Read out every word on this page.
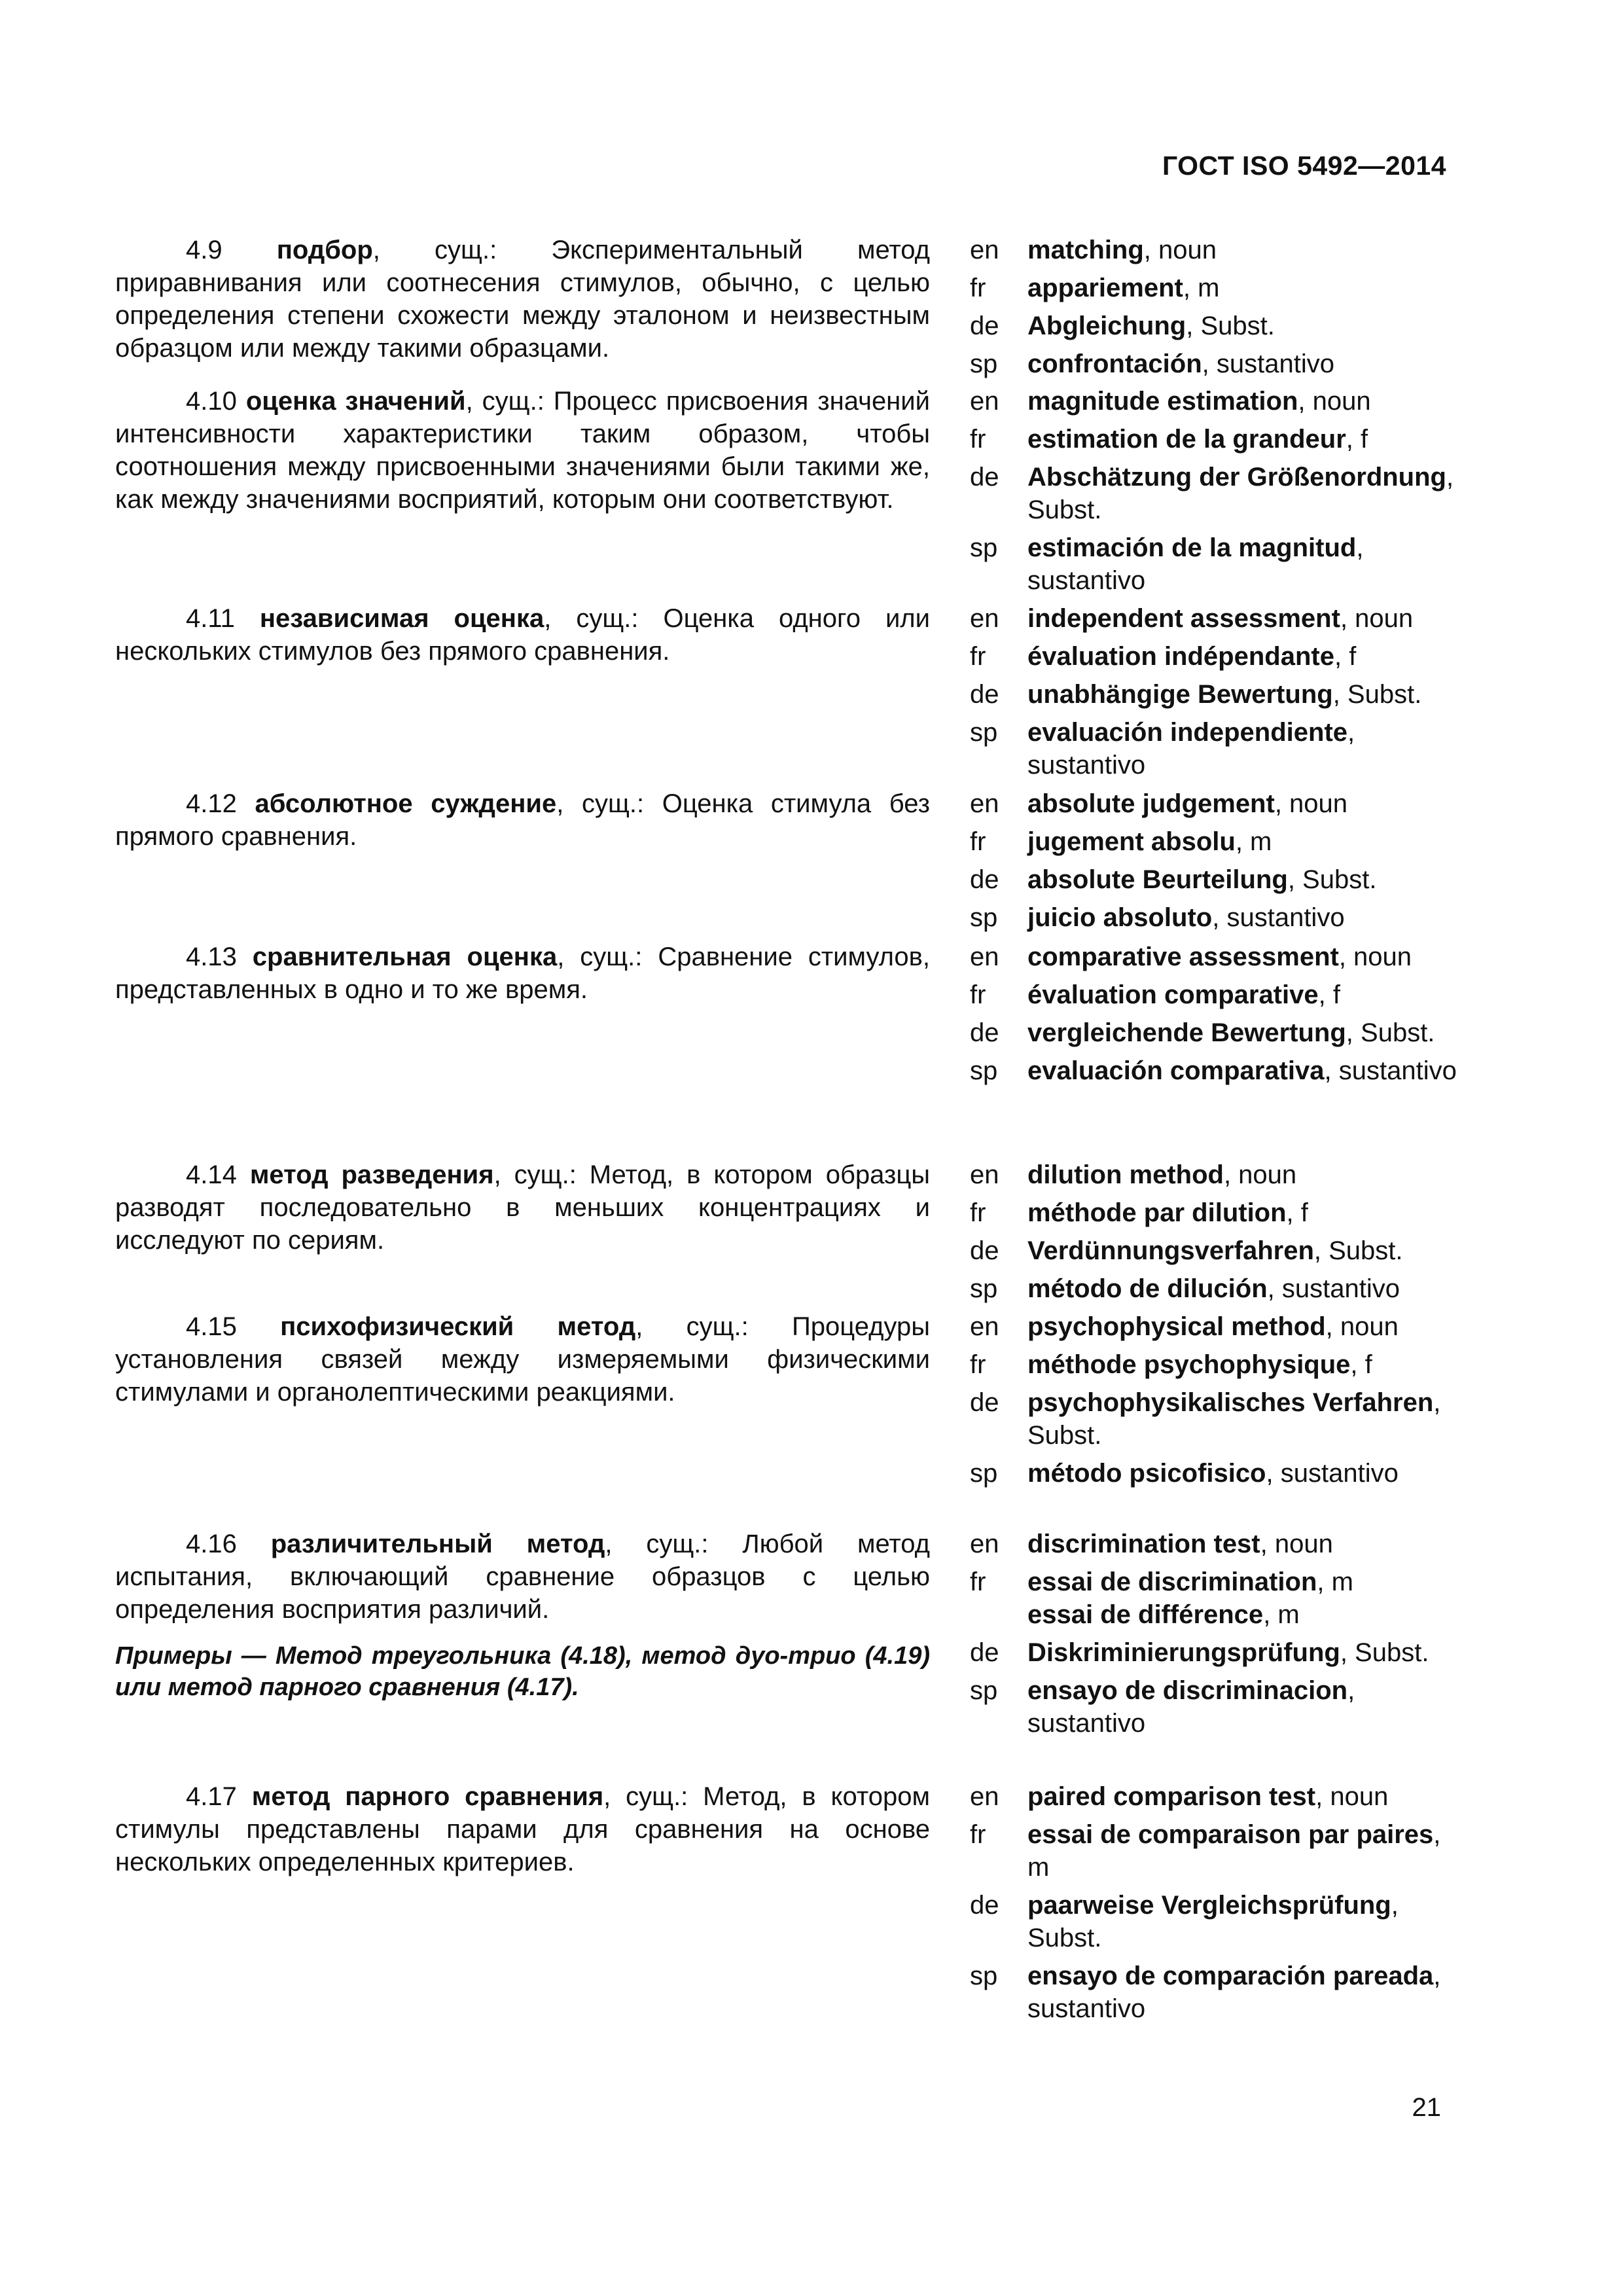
ГОСТ ISO 5492—2014
4.9 подбор, сущ.: Экспериментальный метод приравнивания или соотнесения стимулов, обычно, с целью определения степени схожести между эталоном и неизвестным образцом или между такими образцами.
en matching, noun
fr appariement, m
de Abgleichung, Subst.
sp confrontación, sustantivo
4.10 оценка значений, сущ.: Процесс присвоения значений интенсивности характеристики таким образом, чтобы соотношения между присвоенными значениями были такими же, как между значениями восприятий, которым они соответствуют.
en magnitude estimation, noun
fr estimation de la grandeur, f
de Abschätzung der Größenordnung, Subst.
sp estimación de la magnitud, sustantivo
4.11 независимая оценка, сущ.: Оценка одного или нескольких стимулов без прямого сравнения.
en independent assessment, noun
fr évaluation indépendante, f
de unabhängige Bewertung, Subst.
sp evaluación independiente, sustantivo
4.12 абсолютное суждение, сущ.: Оценка стимула без прямого сравнения.
en absolute judgement, noun
fr jugement absolu, m
de absolute Beurteilung, Subst.
sp juicio absoluto, sustantivo
4.13 сравнительная оценка, сущ.: Сравнение стимулов, представленных в одно и то же время.
en comparative assessment, noun
fr évaluation comparative, f
de vergleichende Bewertung, Subst.
sp evaluación comparativa, sustantivo
4.14 метод разведения, сущ.: Метод, в котором образцы разводят последовательно в меньших концентрациях и исследуют по сериям.
en dilution method, noun
fr méthode par dilution, f
de Verdünnungsverfahren, Subst.
sp método de dilución, sustantivo
4.15 психофизический метод, сущ.: Процедуры установления связей между измеряемыми физическими стимулами и органолептическими реакциями.
en psychophysical method, noun
fr méthode psychophysique, f
de psychophysikalisches Verfahren, Subst.
sp método psicofisico, sustantivo
4.16 различительный метод, сущ.: Любой метод испытания, включающий сравнение образцов с целью определения восприятия различий.
Примеры — Метод треугольника (4.18), метод дуо-трио (4.19) или метод парного сравнения (4.17).
en discrimination test, noun
fr essai de discrimination, m
essai de différence, m
de Diskriminierungsprüfung, Subst.
sp ensayo de discriminacion, sustantivo
4.17 метод парного сравнения, сущ.: Метод, в котором стимулы представлены парами для сравнения на основе нескольких определенных критериев.
en paired comparison test, noun
fr essai de comparaison par paires, m
de paarweise Vergleichsprüfung, Subst.
sp ensayo de comparación pareada, sustantivo
21
